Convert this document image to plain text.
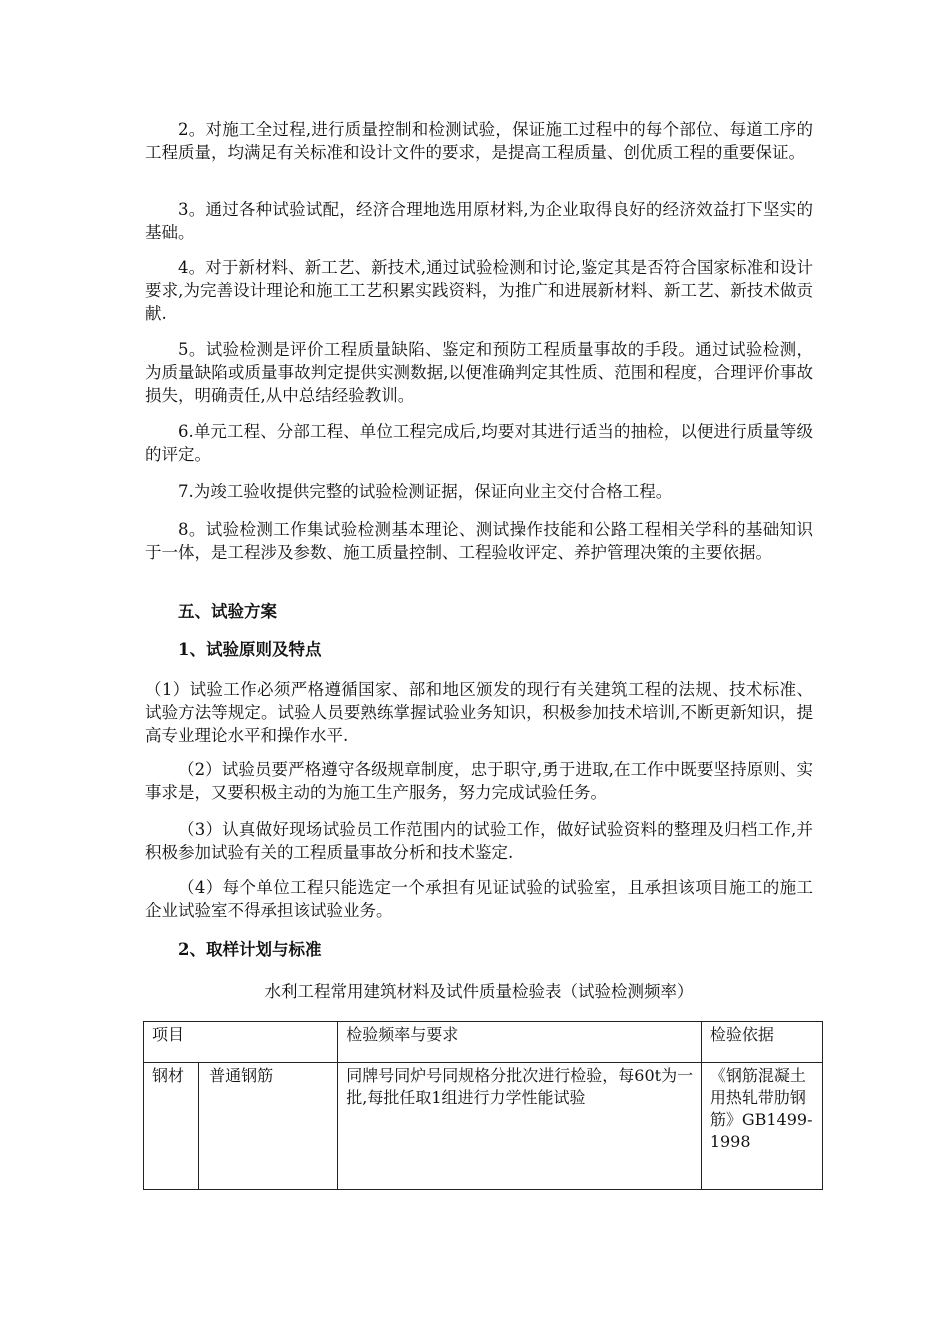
2。对施工全过程,进行质量控制和检测试验，保证施工过程中的每个部位、每道工序的工程质量，均满足有关标准和设计文件的要求，是提高工程质量、创优质工程的重要保证。

3。通过各种试验试配，经济合理地选用原材料,为企业取得良好的经济效益打下坚实的基础。

4。对于新材料、新工艺、新技术,通过试验检测和讨论,鉴定其是否符合国家标准和设计要求,为完善设计理论和施工工艺积累实践资料，为推广和进展新材料、新工艺、新技术做贡献.

5。试验检测是评价工程质量缺陷、鉴定和预防工程质量事故的手段。通过试验检测，为质量缺陷或质量事故判定提供实测数据,以便准确判定其性质、范围和程度，合理评价事故损失，明确责任,从中总结经验教训。

6.单元工程、分部工程、单位工程完成后,均要对其进行适当的抽检，以便进行质量等级的评定。

7.为竣工验收提供完整的试验检测证据，保证向业主交付合格工程。

8。试验检测工作集试验检测基本理论、测试操作技能和公路工程相关学科的基础知识于一体，是工程涉及参数、施工质量控制、工程验收评定、养护管理决策的主要依据。

五、试验方案

1、试验原则及特点

（1）试验工作必须严格遵循国家、部和地区颁发的现行有关建筑工程的法规、技术标准、试验方法等规定。试验人员要熟练掌握试验业务知识，积极参加技术培训,不断更新知识，提高专业理论水平和操作水平.

（2）试验员要严格遵守各级规章制度，忠于职守,勇于进取,在工作中既要坚持原则、实事求是，又要积极主动的为施工生产服务，努力完成试验任务。

（3）认真做好现场试验员工作范围内的试验工作，做好试验资料的整理及归档工作,并积极参加试验有关的工程质量事故分析和技术鉴定.

（4）每个单位工程只能选定一个承担有见证试验的试验室，且承担该项目施工的施工企业试验室不得承担该试验业务。

2、取样计划与标准

水利工程常用建筑材料及试件质量检验表（试验检测频率）

项目		检验频率与要求	检验依据
钢材	普通钢筋	同牌号同炉号同规格分批次进行检验，每60t为一批,每批任取1组进行力学性能试验	《钢筋混凝土用热轧带肋钢筋》GB1499-1998
